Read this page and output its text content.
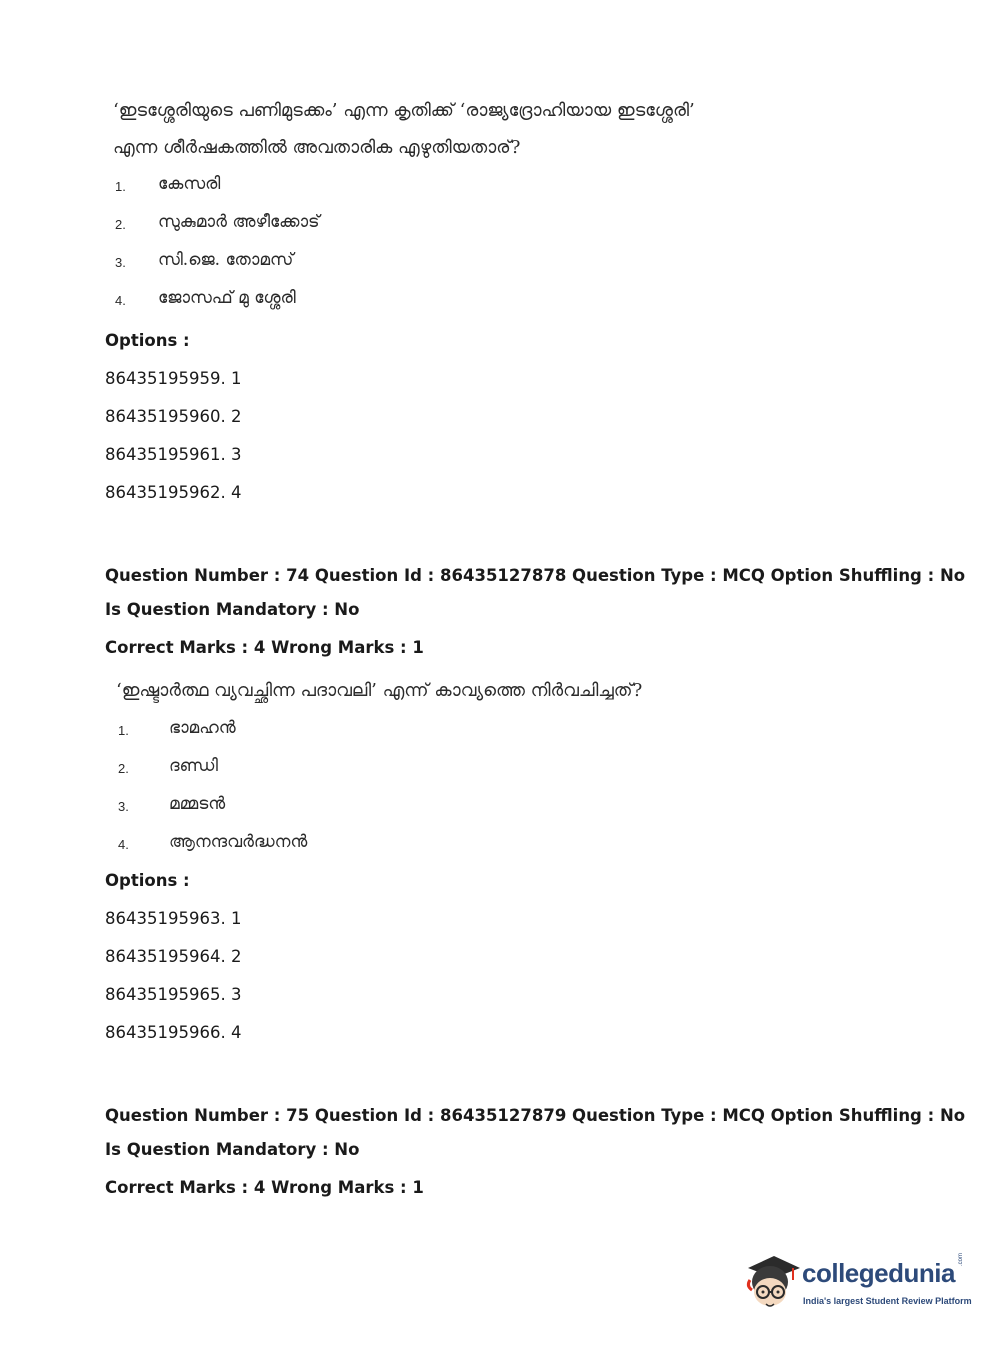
‘ഇടശ്ശേരിയുടെ പണിമുടക്കം’ എന്ന കൃതിക്ക് ‘രാജ്യദ്രോഹിയായ ഇടശ്ശേരി’
എന്ന ശീർഷകത്തിൽ അവതാരിക എഴുതിയതാര്?
1. കേസരി
2. സുകുമാർ അഴീക്കോട്
3. സി.ജെ. തോമസ്
4. ജോസഫ് മു ശ്ശേരി
Options :
86435195959. 1
86435195960. 2
86435195961. 3
86435195962. 4
Question Number : 74 Question Id : 86435127878 Question Type : MCQ Option Shuffling : No
Is Question Mandatory : No
Correct Marks : 4 Wrong Marks : 1
‘ഇഷ്ടാർത്ഥ വ്യവച്ഛിന്ന പദാവലി’ എന്ന് കാവ്യത്തെ നിർവചിച്ചത്?
1. ഭാമഹൻ
2. ദണ്ഡി
3. മമ്മടൻ
4. ആനന്ദവർദ്ധനൻ
Options :
86435195963. 1
86435195964. 2
86435195965. 3
86435195966. 4
Question Number : 75 Question Id : 86435127879 Question Type : MCQ Option Shuffling : No
Is Question Mandatory : No
Correct Marks : 4 Wrong Marks : 1
collegedunia .com
India's largest Student Review Platform
